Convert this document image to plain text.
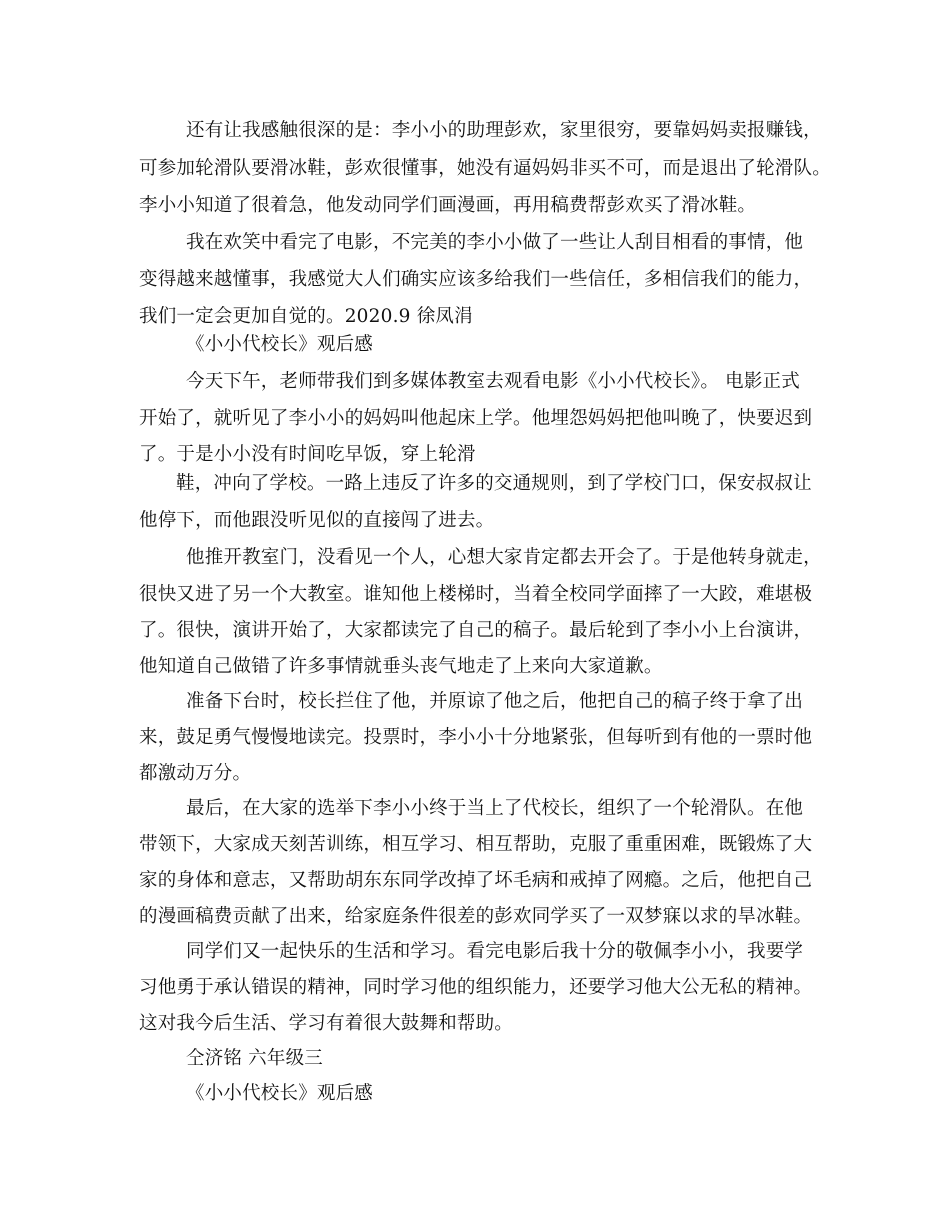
还有让我感触很深的是：李小小的助理彭欢，家里很穷，要靠妈妈卖报赚钱，
可参加轮滑队要滑冰鞋，彭欢很懂事，她没有逼妈妈非买不可，而是退出了轮滑队。
李小小知道了很着急，他发动同学们画漫画，再用稿费帮彭欢买了滑冰鞋。
我在欢笑中看完了电影，不完美的李小小做了一些让人刮目相看的事情，他
变得越来越懂事，我感觉大人们确实应该多给我们一些信任，多相信我们的能力，
我们一定会更加自觉的。2020.9 徐凤涓
《小小代校长》观后感
今天下午，老师带我们到多媒体教室去观看电影《小小代校长》。 电影正式
开始了，就听见了李小小的妈妈叫他起床上学。他埋怨妈妈把他叫晚了，快要迟到
了。于是小小没有时间吃早饭，穿上轮滑
鞋，冲向了学校。一路上违反了许多的交通规则，到了学校门口，保安叔叔让
他停下，而他跟没听见似的直接闯了进去。
他推开教室门，没看见一个人，心想大家肯定都去开会了。于是他转身就走，
很快又进了另一个大教室。谁知他上楼梯时，当着全校同学面摔了一大跤，难堪极
了。很快，演讲开始了，大家都读完了自己的稿子。最后轮到了李小小上台演讲，
他知道自己做错了许多事情就垂头丧气地走了上来向大家道歉。
准备下台时，校长拦住了他，并原谅了他之后，他把自己的稿子终于拿了出
来，鼓足勇气慢慢地读完。投票时，李小小十分地紧张，但每听到有他的一票时他
都激动万分。
最后，在大家的选举下李小小终于当上了代校长，组织了一个轮滑队。在他
带领下，大家成天刻苦训练，相互学习、相互帮助，克服了重重困难，既锻炼了大
家的身体和意志，又帮助胡东东同学改掉了坏毛病和戒掉了网瘾。之后，他把自己
的漫画稿费贡献了出来，给家庭条件很差的彭欢同学买了一双梦寐以求的旱冰鞋。
同学们又一起快乐的生活和学习。看完电影后我十分的敬佩李小小，我要学
习他勇于承认错误的精神，同时学习他的组织能力，还要学习他大公无私的精神。
这对我今后生活、学习有着很大鼓舞和帮助。
仝济铭 六年级三
《小小代校长》观后感
